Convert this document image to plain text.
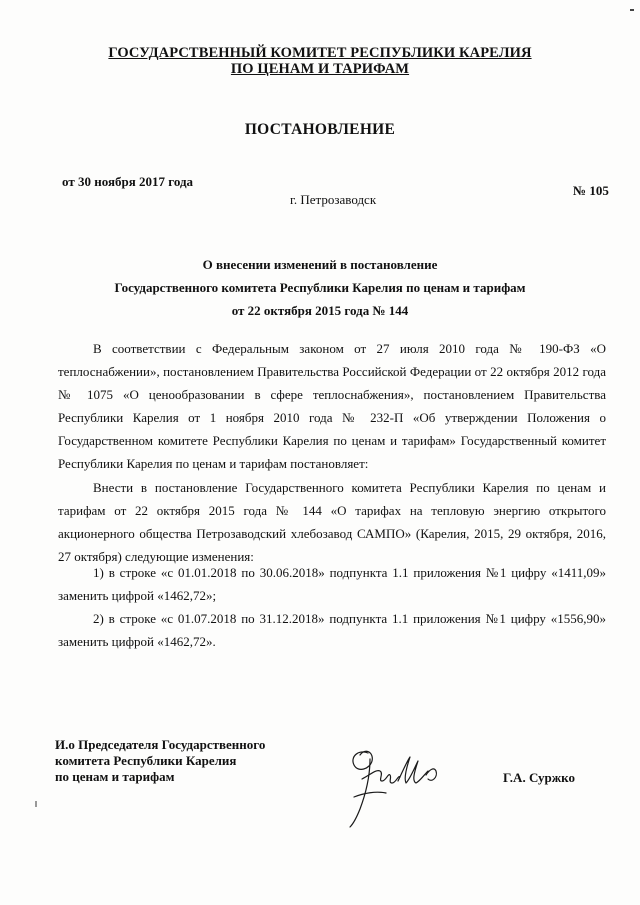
ГОСУДАРСТВЕННЫЙ КОМИТЕТ РЕСПУБЛИКИ КАРЕЛИЯ
ПО ЦЕНАМ И ТАРИФАМ
ПОСТАНОВЛЕНИЕ
от 30 ноября 2017 года
г. Петрозаводск
№ 105
О внесении изменений в постановление
Государственного комитета Республики Карелия по ценам и тарифам
от 22 октября 2015 года № 144

В соответствии с Федеральным законом от 27 июля 2010 года № 190-ФЗ «О теплоснабжении», постановлением Правительства Российской Федерации от 22 октября 2012 года № 1075 «О ценообразовании в сфере теплоснабжения», постановлением Правительства Республики Карелия от 1 ноября 2010 года № 232-П «Об утверждении Положения о Государственном комитете Республики Карелия по ценам и тарифам» Государственный комитет Республики Карелия по ценам и тарифам постановляет:

Внести в постановление Государственного комитета Республики Карелия по ценам и тарифам от 22 октября 2015 года № 144 «О тарифах на тепловую энергию открытого акционерного общества Петрозаводский хлебозавод САМПО» (Карелия, 2015, 29 октября, 2016, 27 октября) следующие изменения:

1) в строке «с 01.01.2018 по 30.06.2018» подпункта 1.1 приложения №1 цифру «1411,09» заменить цифрой «1462,72»;

2) в строке «с 01.07.2018 по 31.12.2018» подпункта 1.1 приложения №1 цифру «1556,90» заменить цифрой «1462,72».

И.о Председателя Государственного
комитета Республики Карелия
по ценам и тарифам	Г.А. Суржко
